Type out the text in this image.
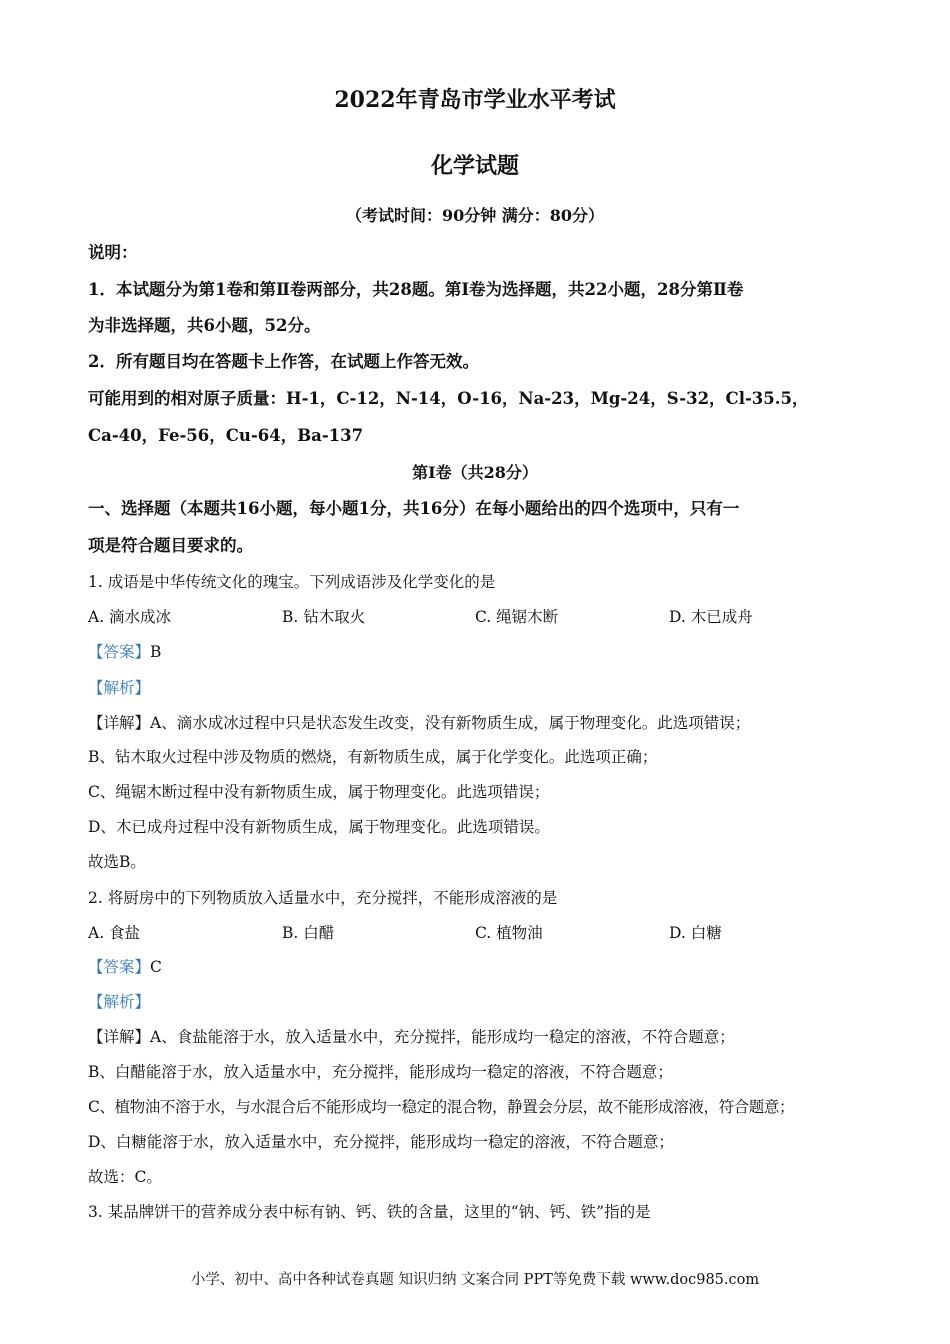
2022年青岛市学业水平考试
化学试题
（考试时间：90分钟 满分：80分）
说明：
1．本试题分为第1卷和第Ⅱ卷两部分，共28题。第I卷为选择题，共22小题，28分第Ⅱ卷
为非选择题，共6小题，52分。
2．所有题目均在答题卡上作答，在试题上作答无效。
可能用到的相对原子质量：H-1，C-12，N-14，O-16，Na-23，Mg-24，S-32，Cl-35.5，
Ca-40，Fe-56，Cu-64，Ba-137
第I卷（共28分）
一、选择题（本题共16小题，每小题1分，共16分）在每小题给出的四个选项中，只有一
项是符合题目要求的。
1. 成语是中华传统文化的瑰宝。下列成语涉及化学变化的是
A. 滴水成冰	B. 钻木取火	C. 绳锯木断	D. 木已成舟
【答案】B
【解析】
【详解】A、滴水成冰过程中只是状态发生改变，没有新物质生成，属于物理变化。此选项错误；
B、钻木取火过程中涉及物质的燃烧，有新物质生成，属于化学变化。此选项正确；
C、绳锯木断过程中没有新物质生成，属于物理变化。此选项错误；
D、木已成舟过程中没有新物质生成，属于物理变化。此选项错误。
故选B。
2. 将厨房中的下列物质放入适量水中，充分搅拌，不能形成溶液的是
A. 食盐	B. 白醋	C. 植物油	D. 白糖
【答案】C
【解析】
【详解】A、食盐能溶于水，放入适量水中，充分搅拌，能形成均一稳定的溶液，不符合题意；
B、白醋能溶于水，放入适量水中，充分搅拌，能形成均一稳定的溶液，不符合题意；
C、植物油不溶于水，与水混合后不能形成均一稳定的混合物，静置会分层，故不能形成溶液，符合题意；
D、白糖能溶于水，放入适量水中，充分搅拌，能形成均一稳定的溶液，不符合题意；
故选：C。
3. 某品牌饼干的营养成分表中标有钠、钙、铁的含量，这里的“钠、钙、铁”指的是
小学、初中、高中各种试卷真题 知识归纳 文案合同 PPT等免费下载 www.doc985.com
